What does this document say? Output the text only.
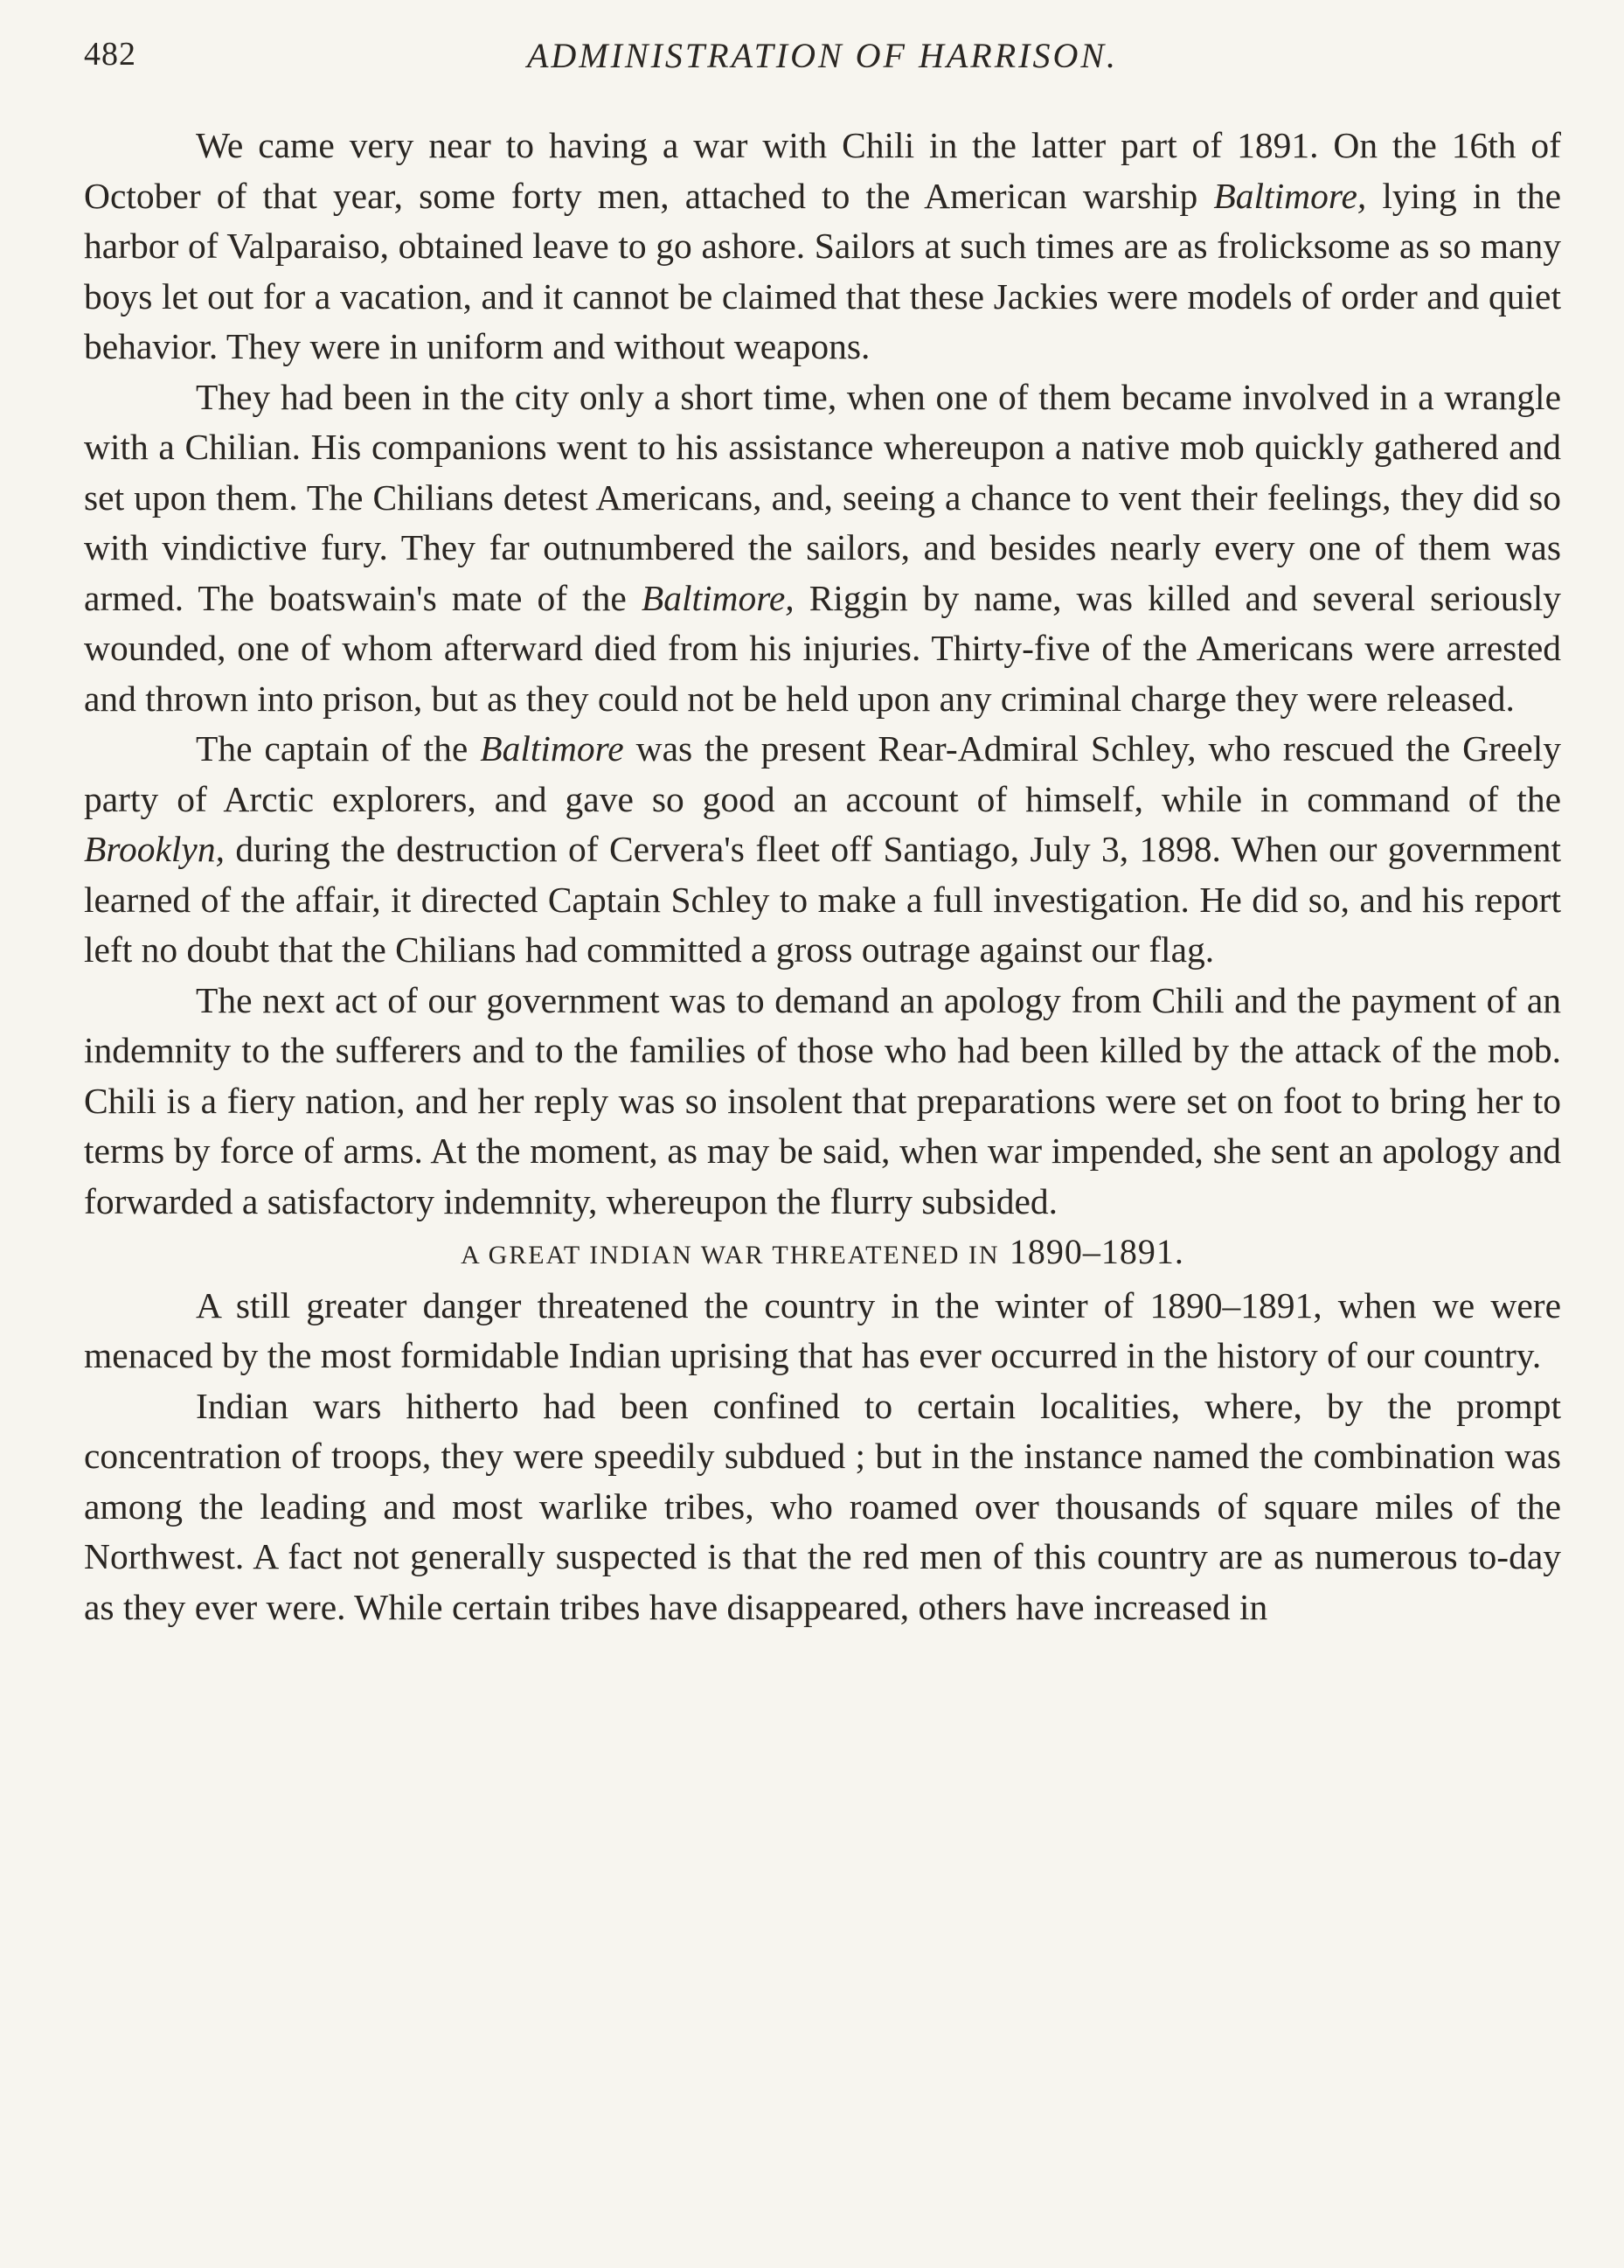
482	ADMINISTRATION OF HARRISON.

We came very near to having a war with Chili in the latter part of 1891. On the 16th of October of that year, some forty men, attached to the American warship Baltimore, lying in the harbor of Valparaiso, obtained leave to go ashore. Sailors at such times are as frolicksome as so many boys let out for a vacation, and it cannot be claimed that these Jackies were models of order and quiet behavior. They were in uniform and without weapons.

They had been in the city only a short time, when one of them became involved in a wrangle with a Chilian. His companions went to his assistance whereupon a native mob quickly gathered and set upon them. The Chilians detest Americans, and, seeing a chance to vent their feelings, they did so with vindictive fury. They far outnumbered the sailors, and besides nearly every one of them was armed. The boatswain's mate of the Baltimore, Riggin by name, was killed and several seriously wounded, one of whom afterward died from his injuries. Thirty-five of the Americans were arrested and thrown into prison, but as they could not be held upon any criminal charge they were released.

The captain of the Baltimore was the present Rear-Admiral Schley, who rescued the Greely party of Arctic explorers, and gave so good an account of himself, while in command of the Brooklyn, during the destruction of Cervera's fleet off Santiago, July 3, 1898. When our government learned of the affair, it directed Captain Schley to make a full investigation. He did so, and his report left no doubt that the Chilians had committed a gross outrage against our flag.

The next act of our government was to demand an apology from Chili and the payment of an indemnity to the sufferers and to the families of those who had been killed by the attack of the mob. Chili is a fiery nation, and her reply was so insolent that preparations were set on foot to bring her to terms by force of arms. At the moment, as may be said, when war impended, she sent an apology and forwarded a satisfactory indemnity, whereupon the flurry subsided.

A GREAT INDIAN WAR THREATENED IN 1890–1891.

A still greater danger threatened the country in the winter of 1890–1891, when we were menaced by the most formidable Indian uprising that has ever occurred in the history of our country.

Indian wars hitherto had been confined to certain localities, where, by the prompt concentration of troops, they were speedily subdued ; but in the instance named the combination was among the leading and most warlike tribes, who roamed over thousands of square miles of the Northwest. A fact not generally suspected is that the red men of this country are as numerous to-day as they ever were. While certain tribes have disappeared, others have increased in
